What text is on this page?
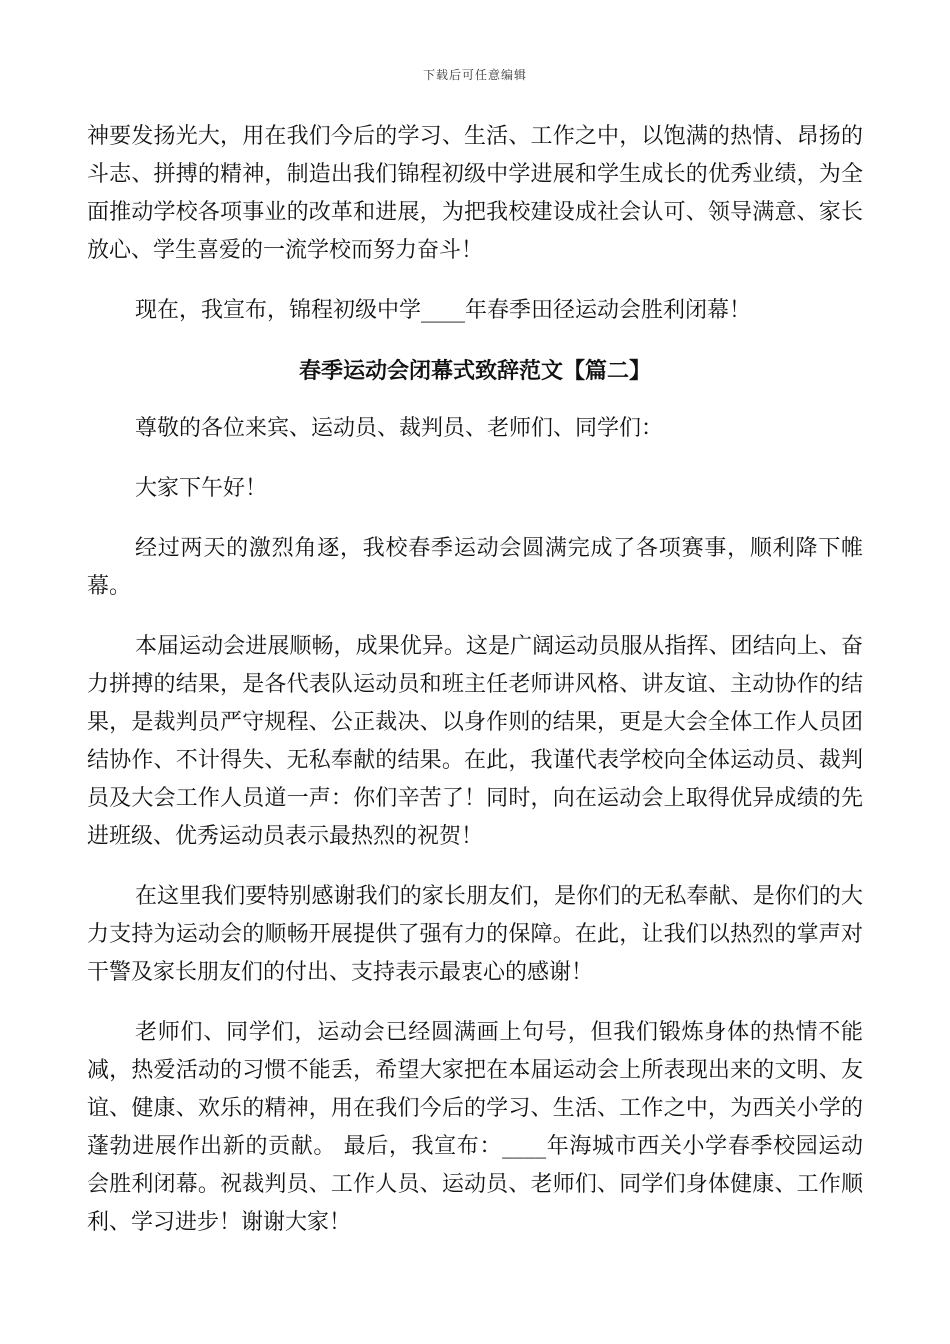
下载后可任意编辑

神要发扬光大，用在我们今后的学习、生活、工作之中，以饱满的热情、昂扬的斗志、拼搏的精神，制造出我们锦程初级中学进展和学生成长的优秀业绩，为全面推动学校各项事业的改革和进展，为把我校建设成社会认可、领导满意、家长放心、学生喜爱的一流学校而努力奋斗！

现在，我宣布，锦程初级中学____年春季田径运动会胜利闭幕！

春季运动会闭幕式致辞范文【篇二】

尊敬的各位来宾、运动员、裁判员、老师们、同学们：

大家下午好！

经过两天的激烈角逐，我校春季运动会圆满完成了各项赛事，顺利降下帷幕。

本届运动会进展顺畅，成果优异。这是广阔运动员服从指挥、团结向上、奋力拼搏的结果，是各代表队运动员和班主任老师讲风格、讲友谊、主动协作的结果，是裁判员严守规程、公正裁决、以身作则的结果，更是大会全体工作人员团结协作、不计得失、无私奉献的结果。在此，我谨代表学校向全体运动员、裁判员及大会工作人员道一声：你们辛苦了！同时，向在运动会上取得优异成绩的先进班级、优秀运动员表示最热烈的祝贺！

在这里我们要特别感谢我们的家长朋友们，是你们的无私奉献、是你们的大力支持为运动会的顺畅开展提供了强有力的保障。在此，让我们以热烈的掌声对干警及家长朋友们的付出、支持表示最衷心的感谢！

老师们、同学们，运动会已经圆满画上句号，但我们锻炼身体的热情不能减，热爱活动的习惯不能丢，希望大家把在本届运动会上所表现出来的文明、友谊、健康、欢乐的精神，用在我们今后的学习、生活、工作之中，为西关小学的蓬勃进展作出新的贡献。 最后，我宣布：____年海城市西关小学春季校园运动会胜利闭幕。祝裁判员、工作人员、运动员、老师们、同学们身体健康、工作顺利、学习进步！谢谢大家！
